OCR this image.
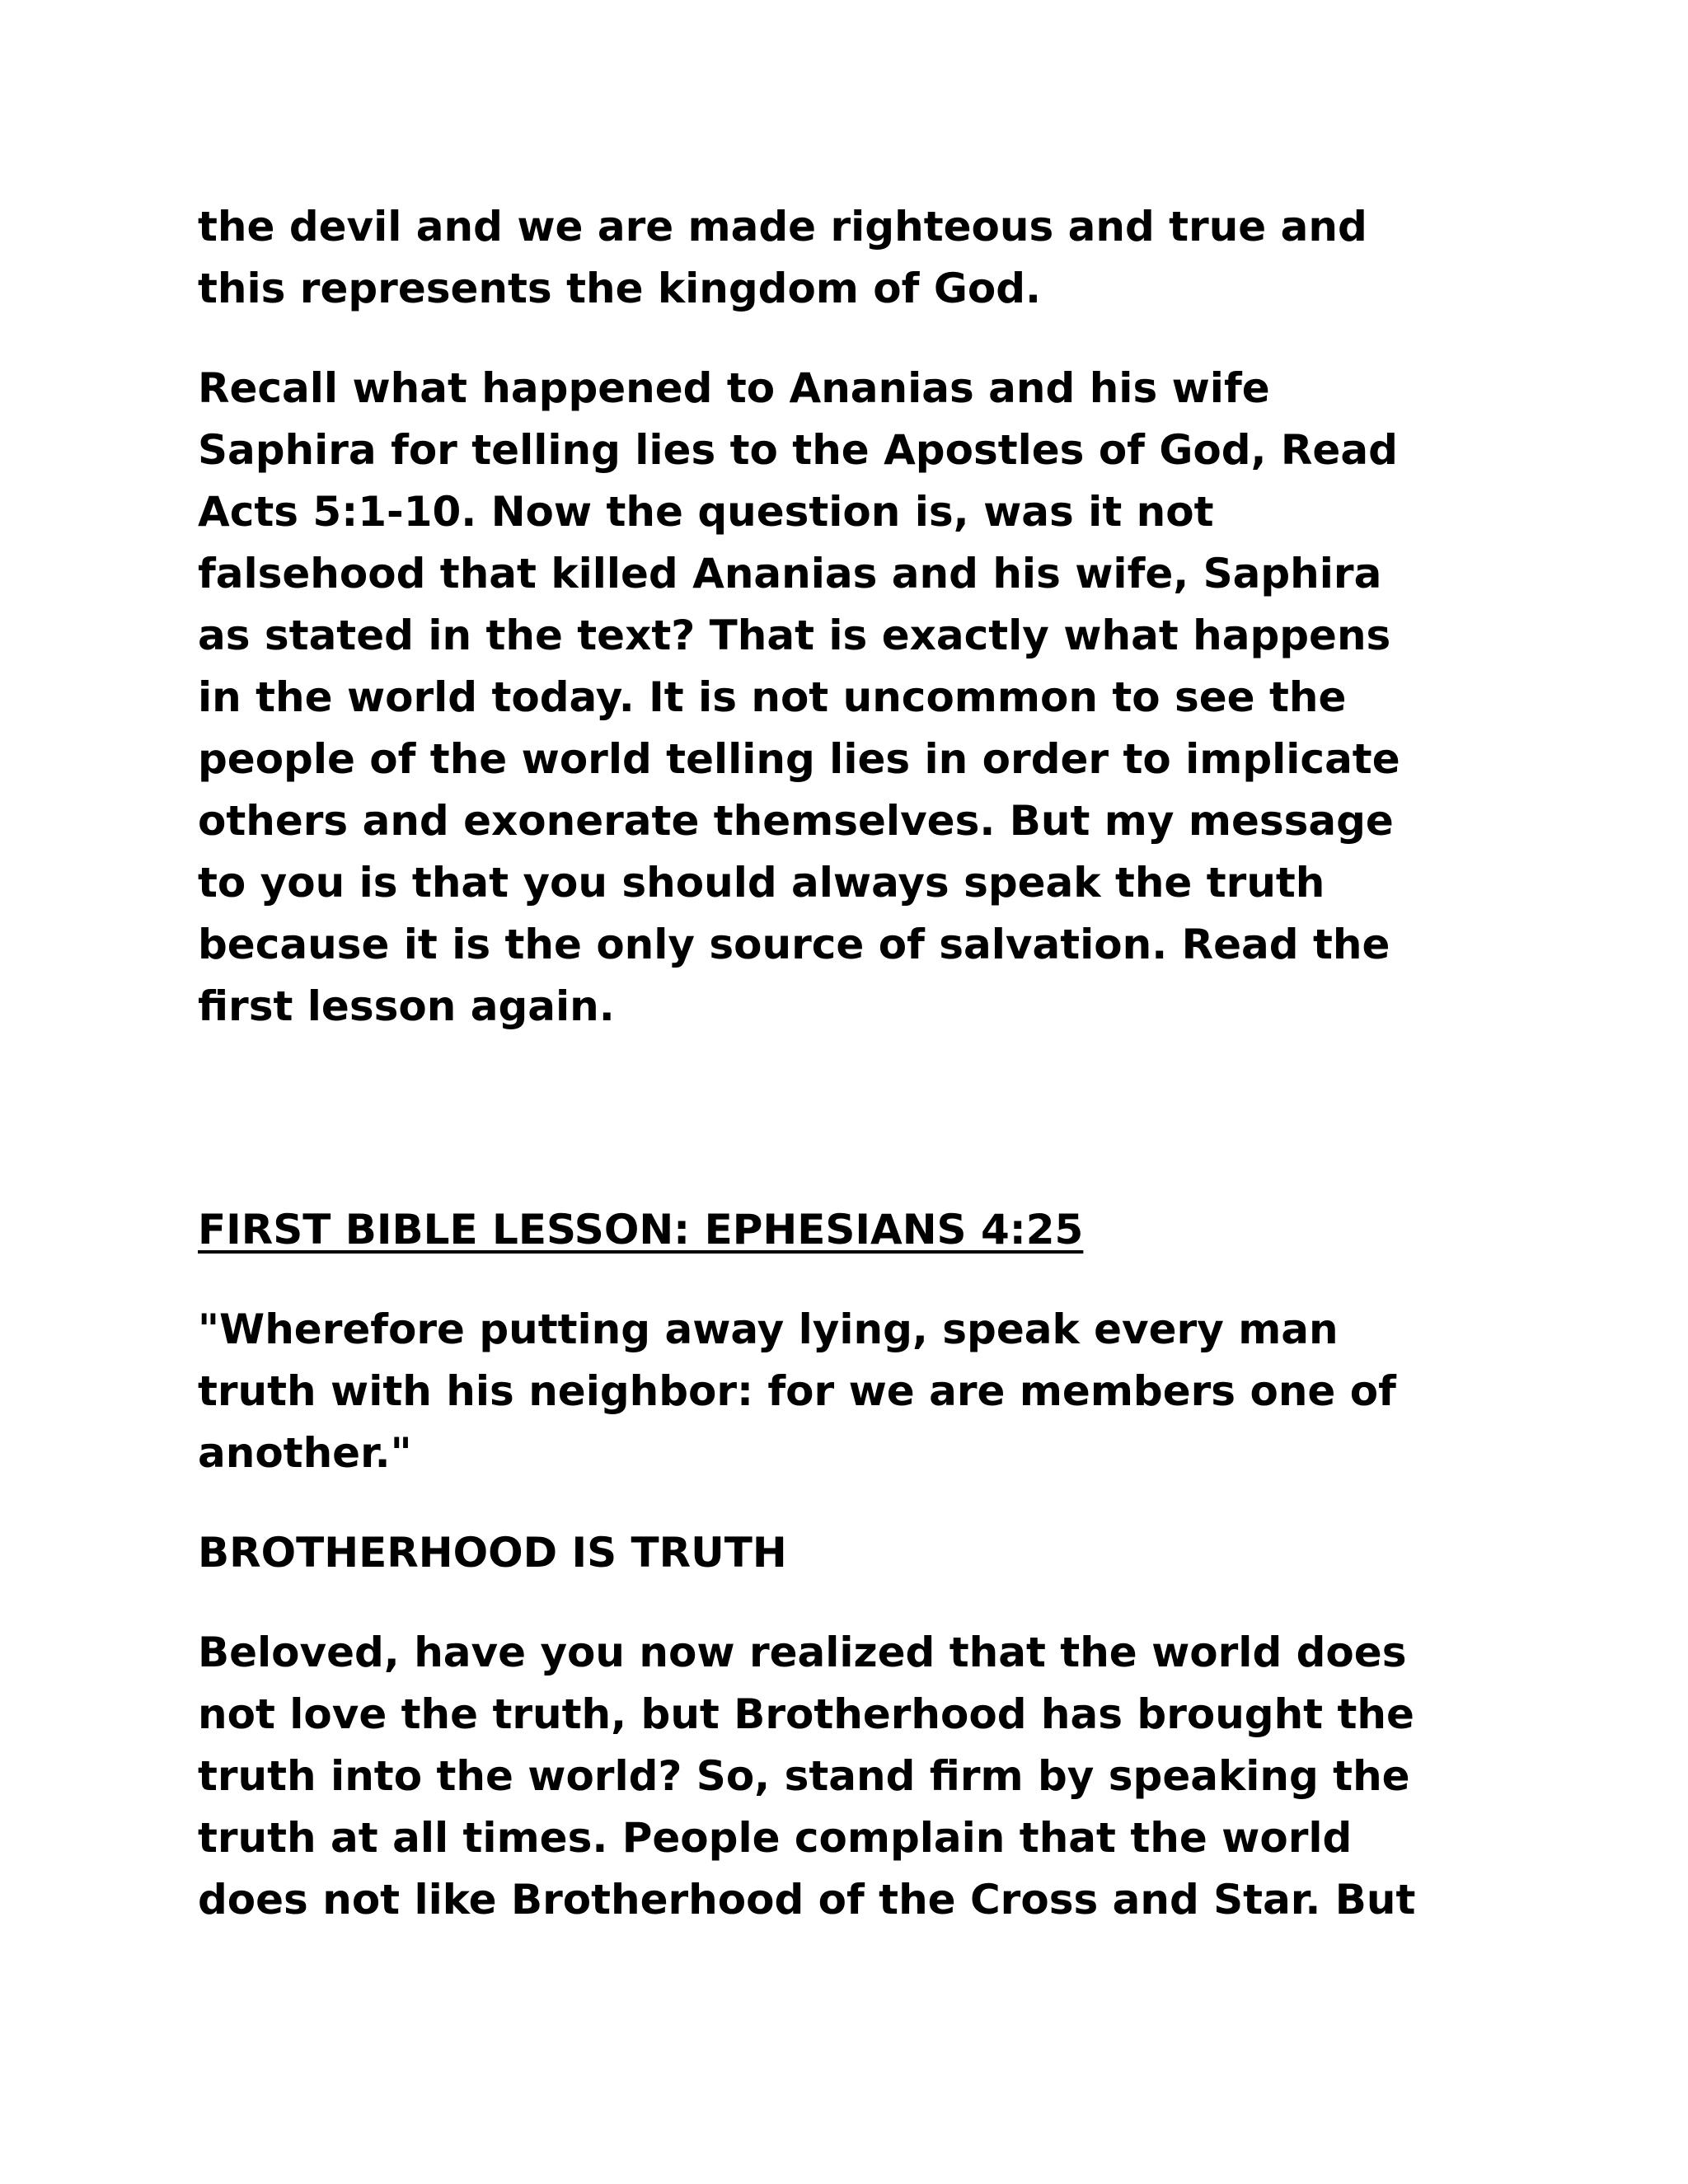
the devil and we are made righteous and true and
this represents the kingdom of God.

Recall what happened to Ananias and his wife
Saphira for telling lies to the Apostles of God, Read
Acts 5:1-10. Now the question is, was it not
falsehood that killed Ananias and his wife, Saphira
as stated in the text? That is exactly what happens
in the world today. It is not uncommon to see the
people of the world telling lies in order to implicate
others and exonerate themselves. But my message
to you is that you should always speak the truth
because it is the only source of salvation. Read the
first lesson again.

FIRST BIBLE LESSON: EPHESIANS 4:25

"Wherefore putting away lying, speak every man
truth with his neighbor: for we are members one of
another."

BROTHERHOOD IS TRUTH

Beloved, have you now realized that the world does
not love the truth, but Brotherhood has brought the
truth into the world? So, stand firm by speaking the
truth at all times. People complain that the world
does not like Brotherhood of the Cross and Star. But
